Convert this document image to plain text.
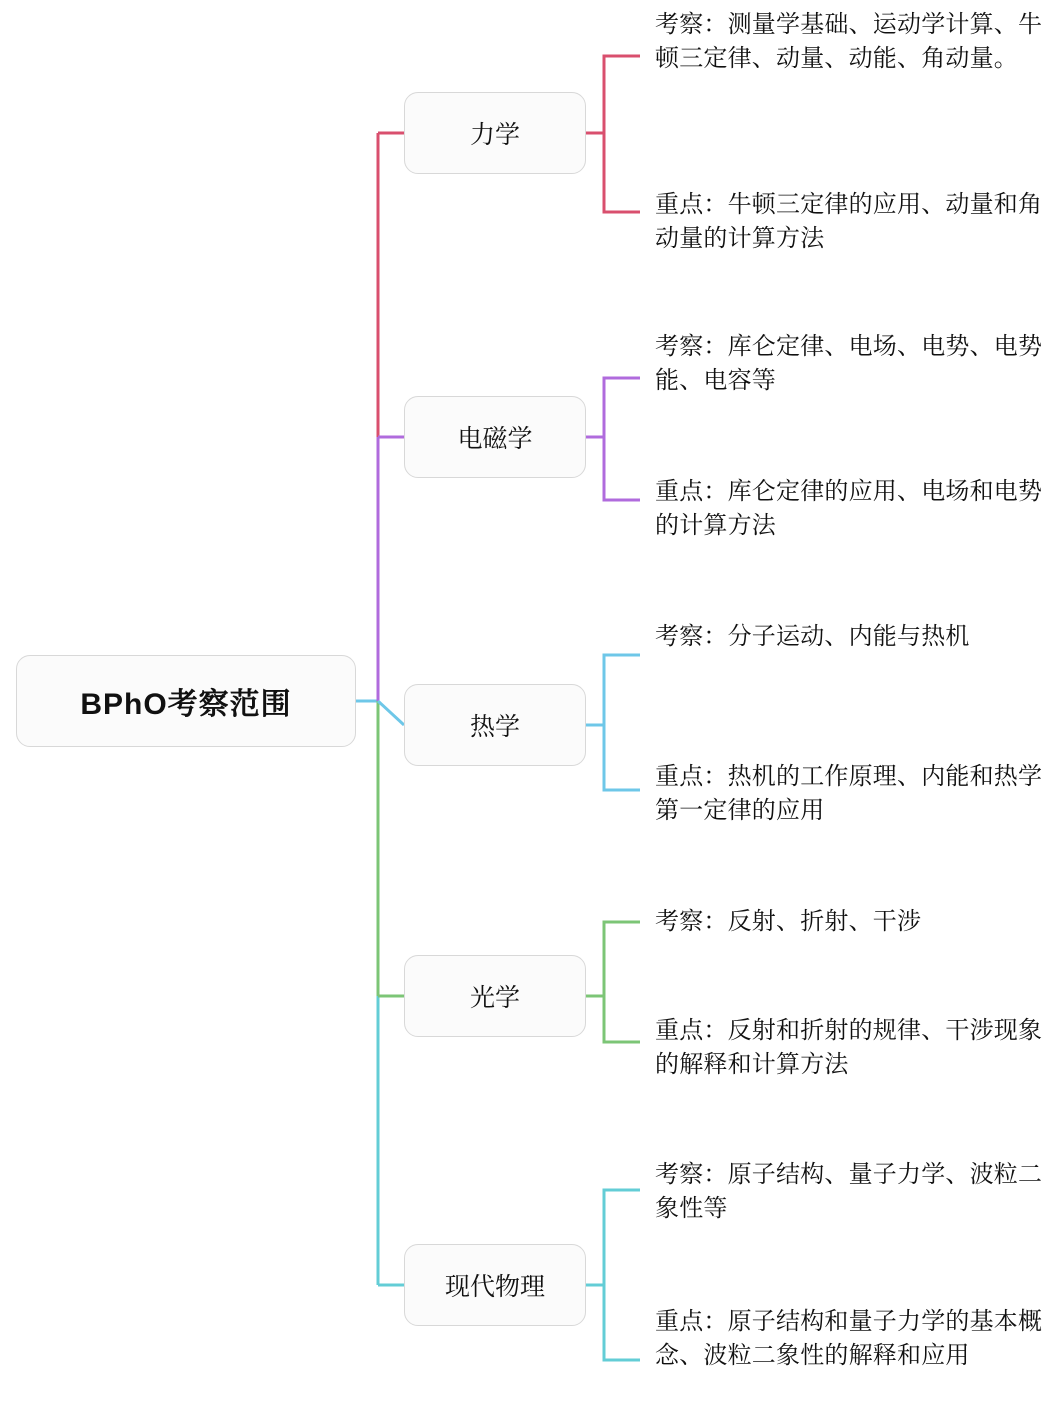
BPhO考察范围
力学
电磁学
热学
光学
现代物理
考察：测量学基础、运动学计算、牛顿三定律、动量、动能、角动量。
重点：牛顿三定律的应用、动量和角动量的计算方法
考察：库仑定律、电场、电势、电势能、电容等
重点：库仑定律的应用、电场和电势的计算方法
考察：分子运动、内能与热机
重点：热机的工作原理、内能和热学第一定律的应用
考察：反射、折射、干涉
重点：反射和折射的规律、干涉现象的解释和计算方法
考察：原子结构、量子力学、波粒二象性等
重点：原子结构和量子力学的基本概念、波粒二象性的解释和应用
